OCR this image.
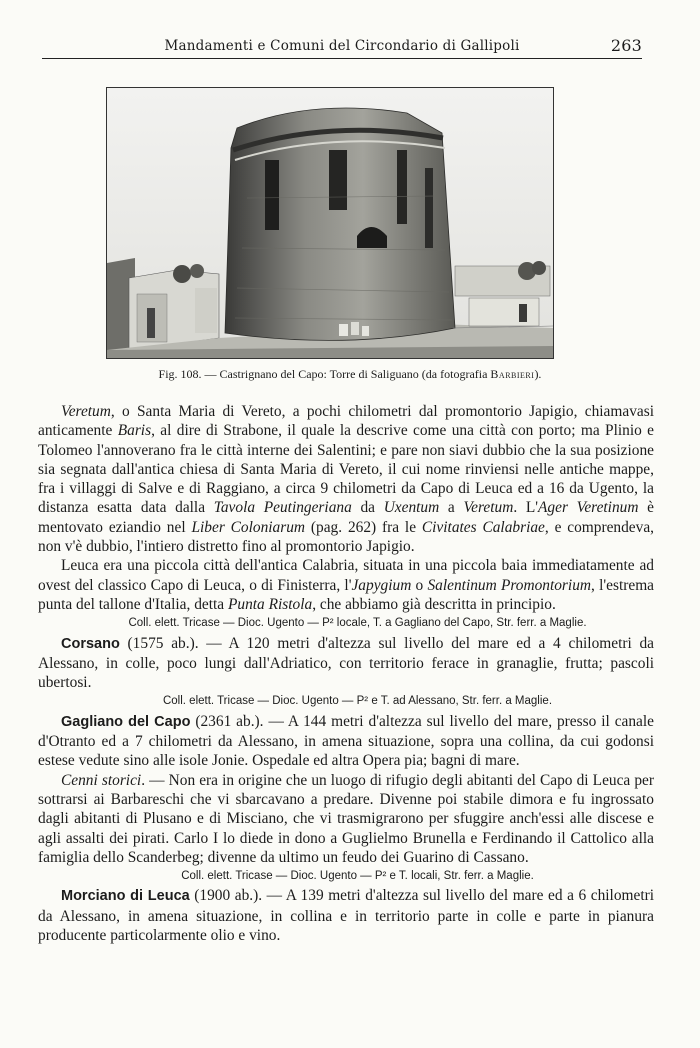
Mandamenti e Comuni del Circondario di Gallipoli	263
Fig. 108. — Castrignano del Capo: Torre di Saliguano (da fotografia Barbieri).

Veretum, o Santa Maria di Vereto, a pochi chilometri dal promontorio Japigio, chiamavasi anticamente Baris, al dire di Strabone, il quale la descrive come una città con porto; ma Plinio e Tolomeo l'annoverano fra le città interne dei Salentini; e pare non siavi dubbio che la sua posizione sia segnata dall'antica chiesa di Santa Maria di Vereto, il cui nome rinviensi nelle antiche mappe, fra i villaggi di Salve e di Raggiano, a circa 9 chilometri da Capo di Leuca ed a 16 da Ugento, la distanza esatta data dalla Tavola Peutingeriana da Uxentum a Veretum. L'Ager Veretinum è mentovato eziandio nel Liber Coloniarum (pag. 262) fra le Civitates Calabriae, e comprendeva, non v'è dubbio, l'intiero distretto fino al promontorio Japigio.

Leuca era una piccola città dell'antica Calabria, situata in una piccola baia immediatamente ad ovest del classico Capo di Leuca, o di Finisterra, l'Japygium o Salentinum Promontorium, l'estrema punta del tallone d'Italia, detta Punta Ristola, che abbiamo già descritta in principio.

Coll. elett. Tricase — Dioc. Ugento — P² locale, T. a Gagliano del Capo, Str. ferr. a Maglie.

Corsano (1575 ab.). — A 120 metri d'altezza sul livello del mare ed a 4 chilometri da Alessano, in colle, poco lungi dall'Adriatico, con territorio ferace in granaglie, frutta; pascoli ubertosi.

Coll. elett. Tricase — Dioc. Ugento — P² e T. ad Alessano, Str. ferr. a Maglie.

Gagliano del Capo (2361 ab.). — A 144 metri d'altezza sul livello del mare, presso il canale d'Otranto ed a 7 chilometri da Alessano, in amena situazione, sopra una collina, da cui godonsi estese vedute sino alle isole Jonie. Ospedale ed altra Opera pia; bagni di mare.

Cenni storici. — Non era in origine che un luogo di rifugio degli abitanti del Capo di Leuca per sottrarsi ai Barbareschi che vi sbarcavano a predare. Divenne poi stabile dimora e fu ingrossato dagli abitanti di Plusano e di Misciano, che vi trasmigrarono per sfuggire anch'essi alle discese e agli assalti dei pirati. Carlo I lo diede in dono a Guglielmo Brunella e Ferdinando il Cattolico alla famiglia dello Scanderbeg; divenne da ultimo un feudo dei Guarino di Cassano.

Coll. elett. Tricase — Dioc. Ugento — P² e T. locali, Str. ferr. a Maglie.

Morciano di Leuca (1900 ab.). — A 139 metri d'altezza sul livello del mare ed a 6 chilometri da Alessano, in amena situazione, in collina e in territorio parte in colle e parte in pianura producente particolarmente olio e vino.
